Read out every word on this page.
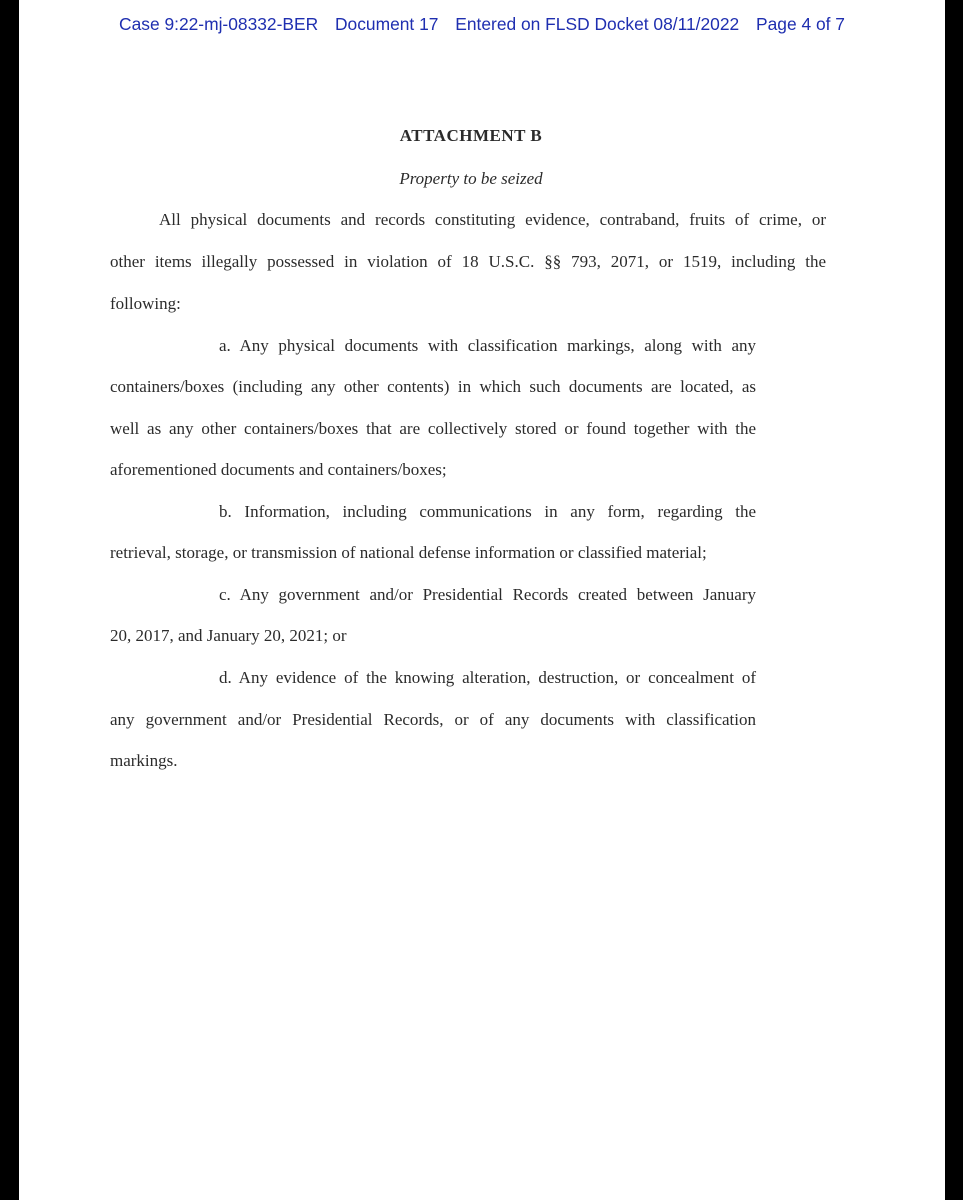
Case 9:22-mj-08332-BER Document 17 Entered on FLSD Docket 08/11/2022 Page 4 of 7
ATTACHMENT B
Property to be seized
All physical documents and records constituting evidence, contraband, fruits of crime, or
other items illegally possessed in violation of 18 U.S.C. §§ 793, 2071, or 1519, including the
following:
a. Any physical documents with classification markings, along with any
containers/boxes (including any other contents) in which such documents are located, as
well as any other containers/boxes that are collectively stored or found together with the
aforementioned documents and containers/boxes;
b. Information, including communications in any form, regarding the
retrieval, storage, or transmission of national defense information or classified material;
c. Any government and/or Presidential Records created between January
20, 2017, and January 20, 2021; or
d. Any evidence of the knowing alteration, destruction, or concealment of
any government and/or Presidential Records, or of any documents with classification
markings.
